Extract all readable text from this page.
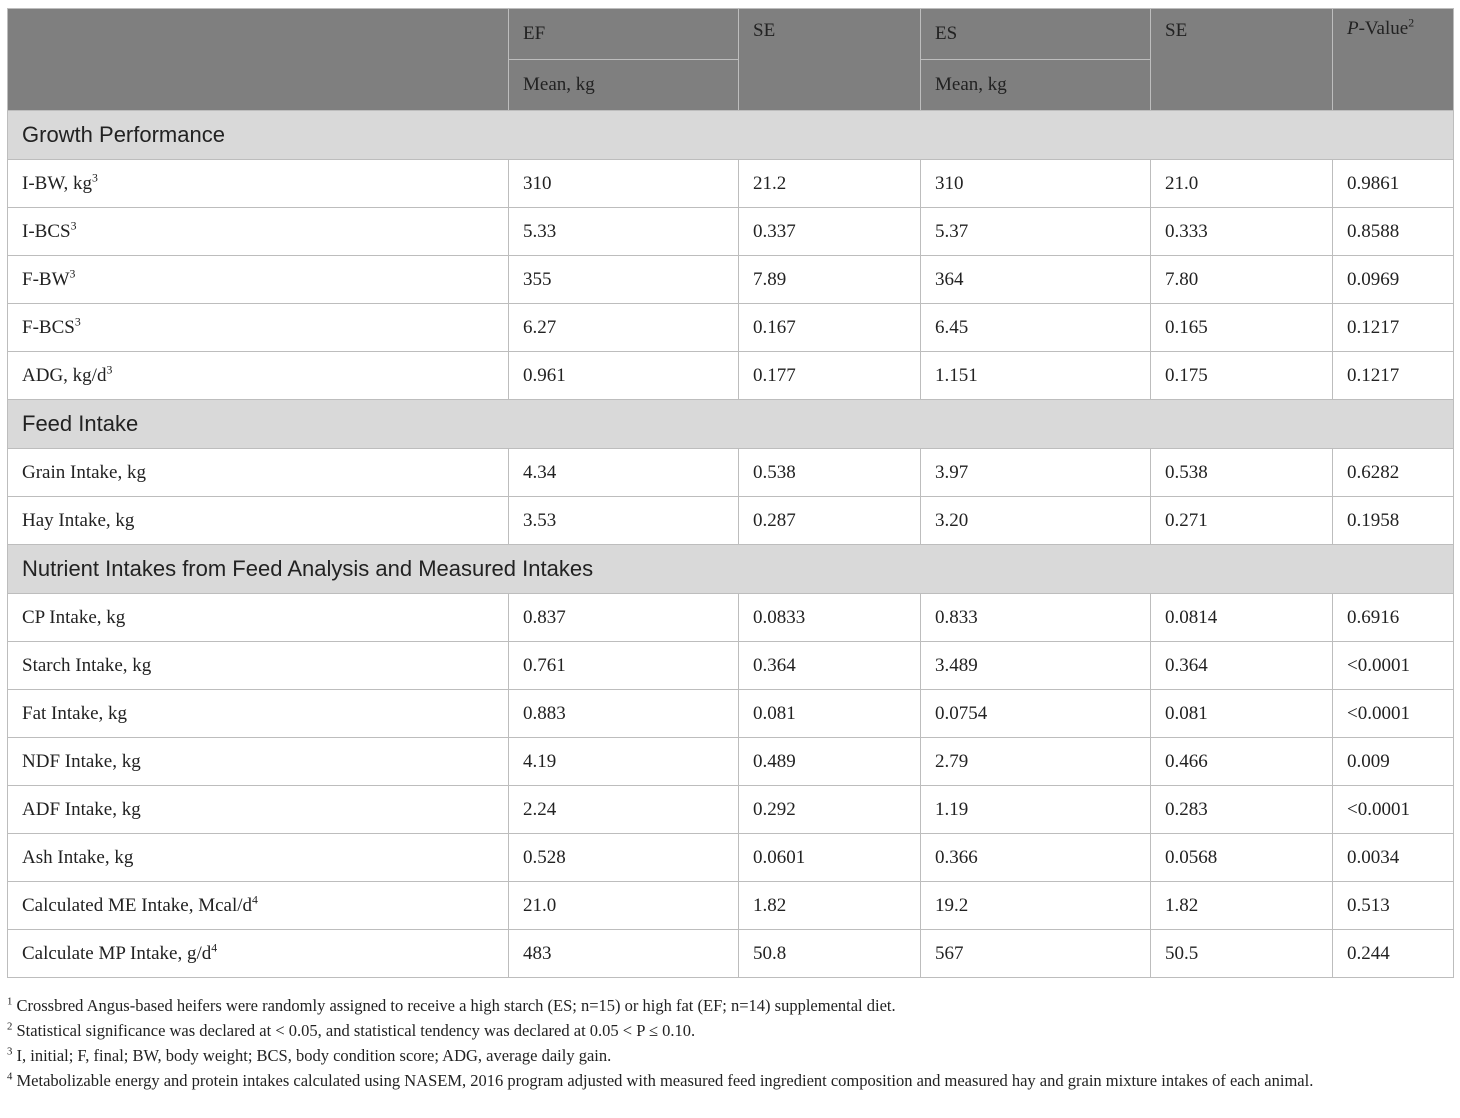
	EF	SE	ES	SE	P-Value$^2$
	Mean, kg		Mean, kg		
Growth Performance					
I-BW, $kg^3$	310	21.2	310	21.0	0.9861
I-BCS$^3$	5.33	0.337	5.37	0.333	0.8588
$F-BW^3$	355	7.89	364	7.80	0.0969
F-BCS$^3$	6.27	0.167	6.45	0.165	0.1217
ADG, $kg/d^3$	0.961	0.177	1.151	0.175	0.1217
Feed Intake					
Grain Intake, kg	4.34	0.538	3.97	0.538	0.6282
Hay Intake, kg	3.53	0.287	3.20	0.271	0.1958
Nutrient Intakes from Feed Analysis and Measured Intakes					
CP Intake, kg	0.837	0.0833	0.833	0.0814	0.6916
Starch Intake, kg	0.761	0.364	3.489	0.364	<0.0001
Fat Intake, kg	0.883	0.081	0.0754	0.081	<0.0001
NDF Intake, kg	4.19	0.489	2.79	0.466	0.009
ADF Intake, kg	2.24	0.292	1.19	0.283	<0.0001
Ash Intake, kg	0.528	0.0601	0.366	0.0568	0.0034
Calculated ME Intake, Mcal/$d^4$	21.0	1.82	19.2	1.82	0.513
Calculate MP Intake, $g/d^4$	483	50.8	567	50.5	0.244

$^1$ Crossbred Angus-based heifers were randomly assigned to receive a high starch (ES; n=15) or high fat (EF; n=14) supplemental diet.

$^2$ Statistical significance was declared at < 0.05, and statistical tendency was declared at 0.05 < P ≤ 0.10.

$^3$ I, initial; F, final; BW, body weight; BCS, body condition score; ADG, average daily gain.

$^4$ Metabolizable energy and protein intakes calculated using NASEM, 2016 program adjusted with measured feed ingredient composition and measured hay and grain mixture intakes of each animal.
